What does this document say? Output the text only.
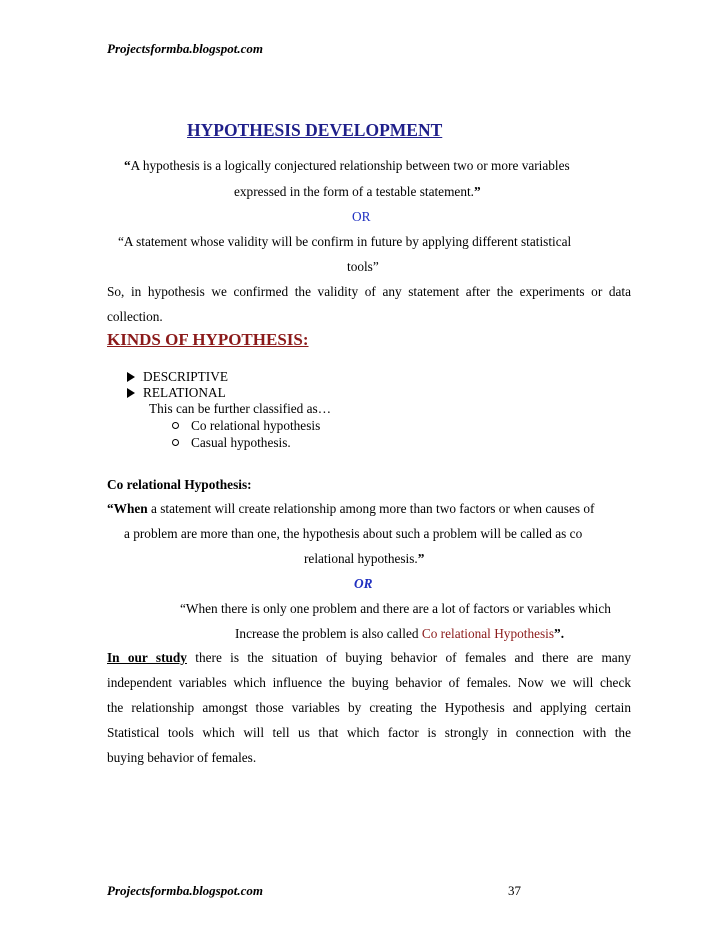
Projectsformba.blogspot.com
HYPOTHESIS DEVELOPMENT
“A hypothesis is a logically conjectured relationship between two or more variables
expressed in the form of a testable statement.”
OR
“A statement whose validity will be confirm in future by applying different statistical
tools”
So, in hypothesis we confirmed the validity of any statement after the experiments or data
collection.
KINDS OF HYPOTHESIS:
DESCRIPTIVE
RELATIONAL
This can be further classified as…
Co relational hypothesis
Casual hypothesis.
Co relational Hypothesis:
“When a statement will create relationship among more than two factors or when causes of
a problem are more than one, the hypothesis about such a problem will be called as co
relational hypothesis.”
OR
“When there is only one problem and there are a lot of factors or variables which
Increase the problem is also called Co relational Hypothesis”.
In our study there is the situation of buying behavior of females and there are many
independent variables which influence the buying behavior of females. Now we will check
the relationship amongst those variables by creating the Hypothesis and applying certain
Statistical tools which will tell us that which factor is strongly in connection with the
buying behavior of females.
Projectsformba.blogspot.com	37
